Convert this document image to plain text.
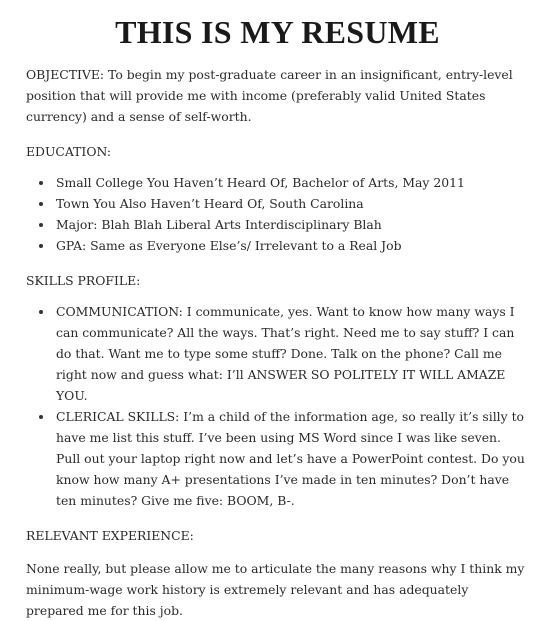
THIS IS MY RESUME

OBJECTIVE: To begin my post-graduate career in an insignificant, entry-level position that will provide me with income (preferably valid United States currency) and a sense of self-worth.

EDUCATION:

Small College You Haven’t Heard Of, Bachelor of Arts, May 2011
Town You Also Haven’t Heard Of, South Carolina
Major: Blah Blah Liberal Arts Interdisciplinary Blah
GPA: Same as Everyone Else’s/ Irrelevant to a Real Job

SKILLS PROFILE:

COMMUNICATION: I communicate, yes. Want to know how many ways I can communicate? All the ways. That’s right. Need me to say stuff? I can do that. Want me to type some stuff? Done. Talk on the phone? Call me right now and guess what: I’ll ANSWER SO POLITELY IT WILL AMAZE YOU.
CLERICAL SKILLS: I’m a child of the information age, so really it’s silly to have me list this stuff. I’ve been using MS Word since I was like seven. Pull out your laptop right now and let’s have a PowerPoint contest. Do you know how many A+ presentations I’ve made in ten minutes? Don’t have ten minutes? Give me five: BOOM, B-.

RELEVANT EXPERIENCE:

None really, but please allow me to articulate the many reasons why I think my minimum-wage work history is extremely relevant and has adequately prepared me for this job.
